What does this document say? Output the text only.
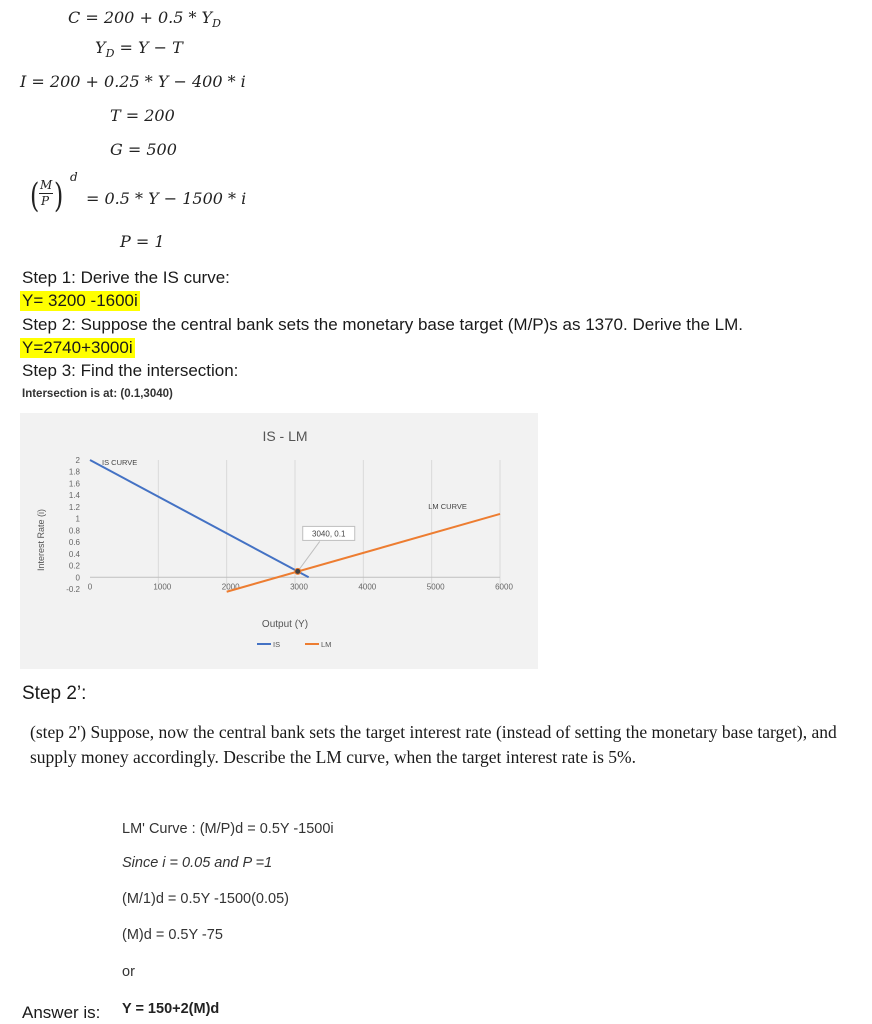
$C = 200 + 0.5 * Y_D$
$Y_D = Y - T$
I = 200 + 0.25 * Y − 400 * i
T = 200
G = 500

(

M

P

)

d

= 0.5 * Y − 1500 * i

P = 1
Step 1: Derive the IS curve:
Y= 3200 -1600i
Step 2: Suppose the central bank sets the monetary base target (M/P)s as 1370. Derive the LM.
Y=2740+3000i
Step 3: Find the intersection:
Intersection is at: (0.1,3040)
IS - LM
Interest Rate (i)
Output (Y)
-0.2
0
0.2
0.4
0.6
0.8
1
1.2
1.4
1.6
1.8
2
0	1000	2000	3000	4000	5000	6000
IS CURVE
LM CURVE
3040, 0.1
IS	LM
Step 2’:
(step 2') Suppose, now the central bank sets the target interest rate (instead of setting the monetary base target), and supply money accordingly. Describe the LM curve, when the target interest rate is 5%.
LM' Curve : (M/P)d = 0.5Y -1500i
Since i = 0.05 and P =1
(M/1)d = 0.5Y -1500(0.05)
(M)d = 0.5Y -75
or
Answer is: Y = 150+2(M)d
